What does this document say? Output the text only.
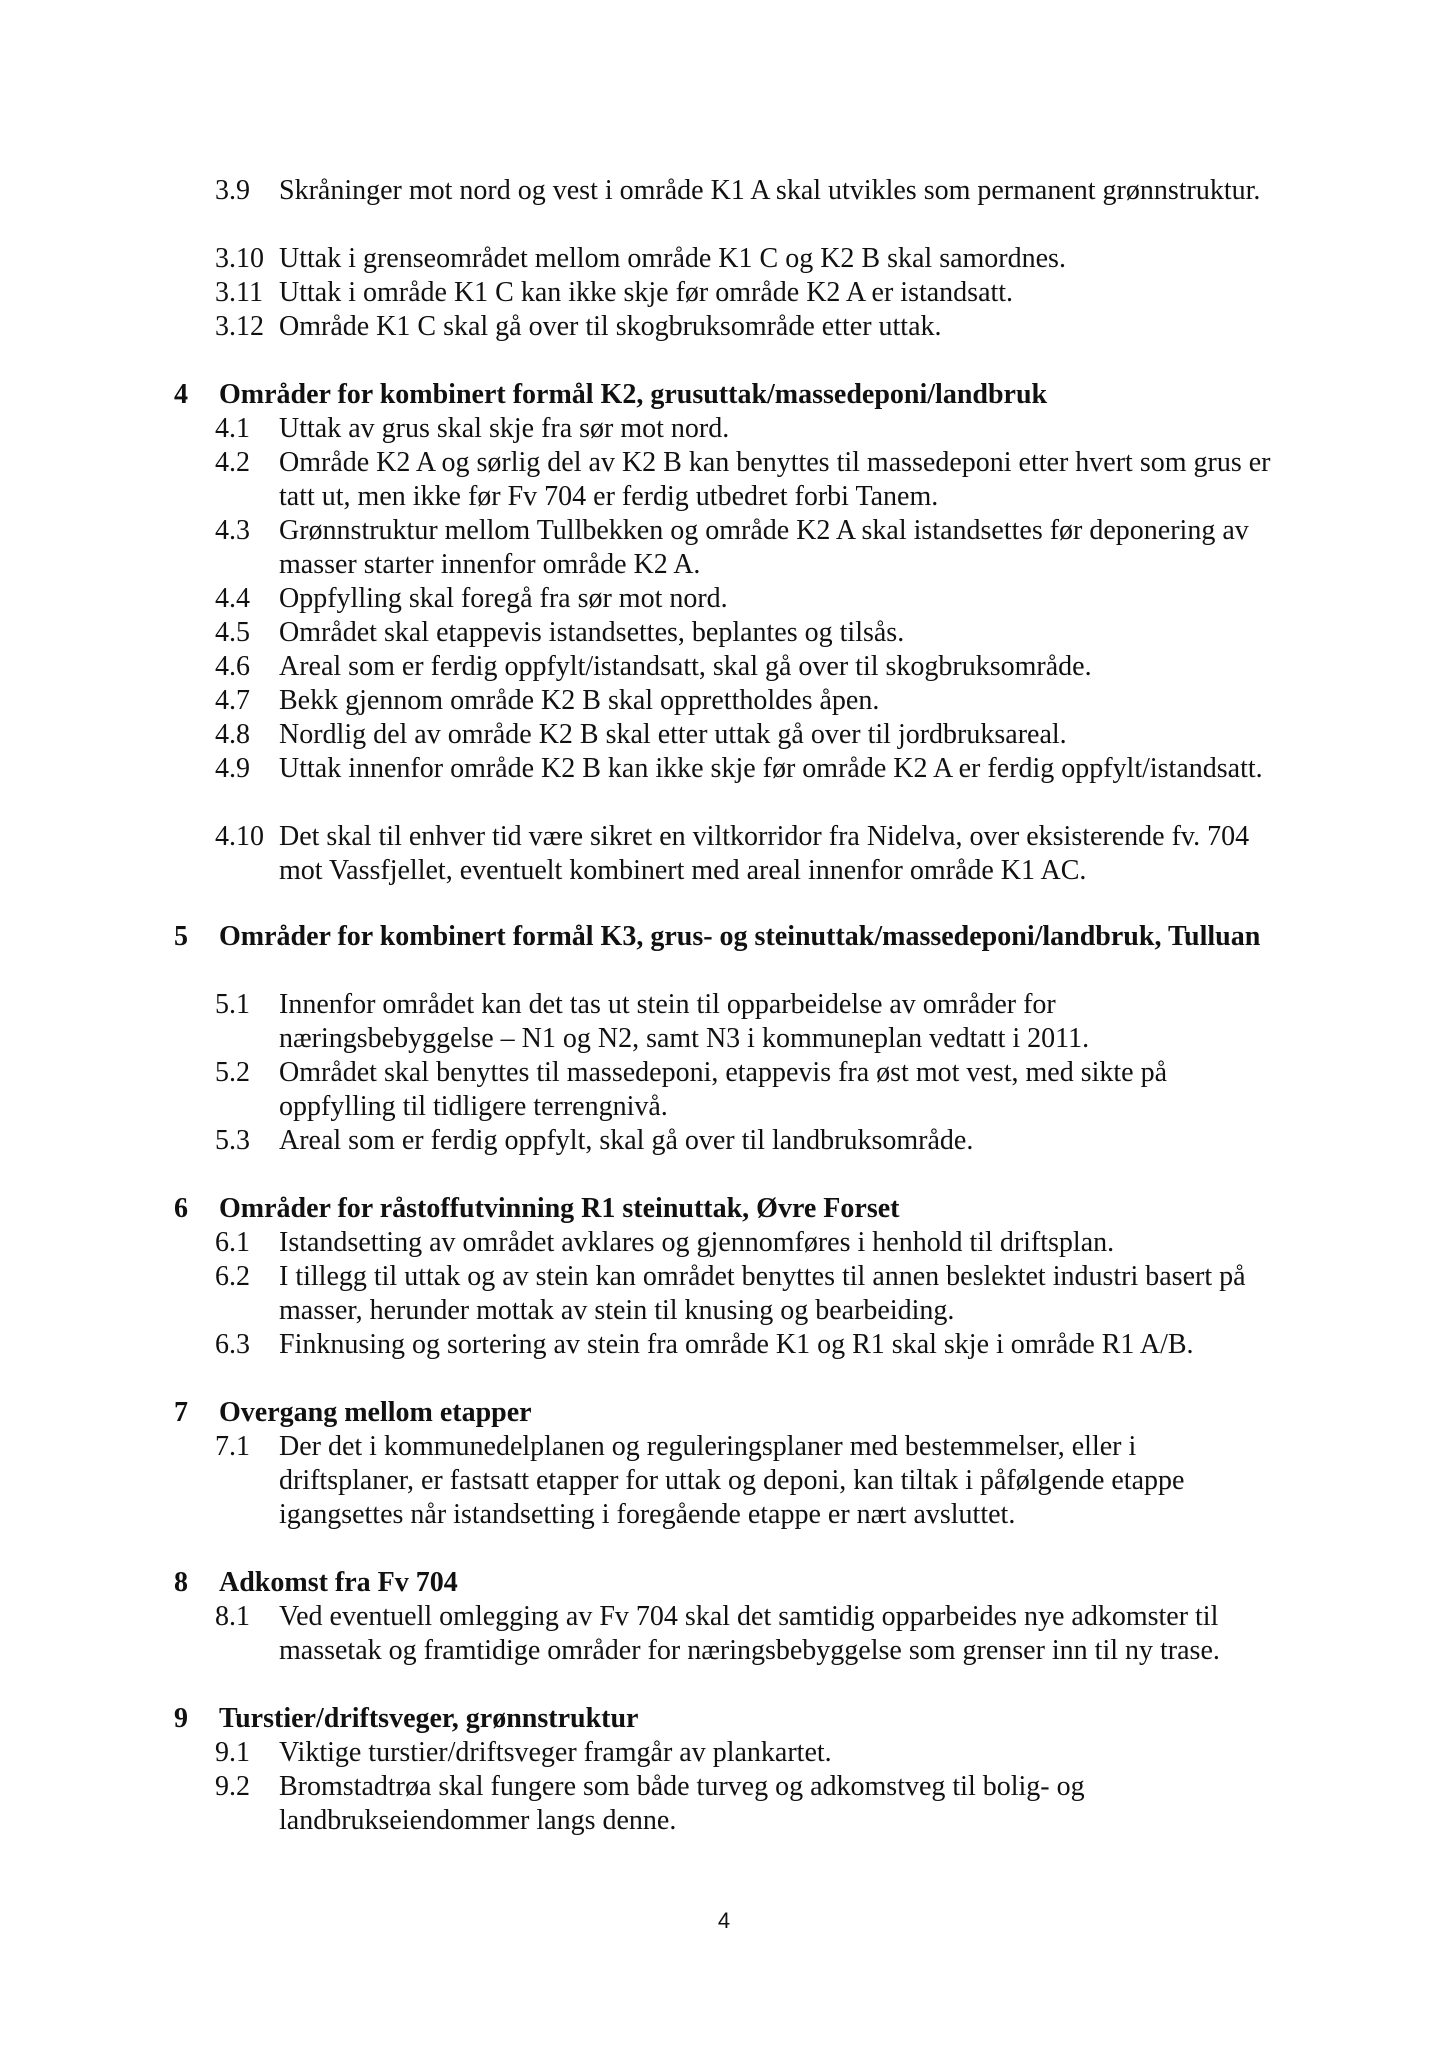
3.9	Skråninger mot nord og vest i område K1 A skal utvikles som permanent grønnstruktur.
3.10 Uttak i grenseområdet mellom område K1 C og K2 B skal samordnes.
3.11 Uttak i område K1 C kan ikke skje før område K2 A er istandsatt.
3.12 Område K1 C skal gå over til skogbruksområde etter uttak.
4	Områder for kombinert formål K2, grusuttak/massedeponi/landbruk
4.1	Uttak av grus skal skje fra sør mot nord.
4.2	Område K2 A og sørlig del av K2 B kan benyttes til massedeponi etter hvert som grus er tatt ut, men ikke før Fv 704 er ferdig utbedret forbi Tanem.
4.3	Grønnstruktur mellom Tullbekken og område K2 A skal istandsettes før deponering av masser starter innenfor område K2 A.
4.4	Oppfylling skal foregå fra sør mot nord.
4.5	Området skal etappevis istandsettes, beplantes og tilsås.
4.6	Areal som er ferdig oppfylt/istandsatt, skal gå over til skogbruksområde.
4.7	Bekk gjennom område K2 B skal opprettholdes åpen.
4.8	Nordlig del av område K2 B skal etter uttak gå over til jordbruksareal.
4.9	Uttak innenfor område K2 B kan ikke skje før område K2 A er ferdig oppfylt/istandsatt.
4.10 Det skal til enhver tid være sikret en viltkorridor fra Nidelva, over eksisterende fv. 704 mot Vassfjellet, eventuelt kombinert med areal innenfor område K1 AC.
5	Områder for kombinert formål K3, grus- og steinuttak/massedeponi/landbruk, Tulluan
5.1	Innenfor området kan det tas ut stein til opparbeidelse av områder for næringsbebyggelse – N1 og N2, samt N3 i kommuneplan vedtatt i 2011.
5.2	Området skal benyttes til massedeponi, etappevis fra øst mot vest, med sikte på oppfylling til tidligere terrengnivå.
5.3	Areal som er ferdig oppfylt, skal gå over til landbruksområde.
6	Områder for råstoffutvinning R1 steinuttak, Øvre Forset
6.1	Istandsetting av området avklares og gjennomføres i henhold til driftsplan.
6.2	I tillegg til uttak og av stein kan området benyttes til annen beslektet industri basert på masser, herunder mottak av stein til knusing og bearbeiding.
6.3	Finknusing og sortering av stein fra område K1 og R1 skal skje i område R1 A/B.
7	Overgang mellom etapper
7.1	Der det i kommunedelplanen og reguleringsplaner med bestemmelser, eller i driftsplaner, er fastsatt etapper for uttak og deponi, kan tiltak i påfølgende etappe igangsettes når istandsetting i foregående etappe er nært avsluttet.
8	Adkomst fra Fv 704
8.1	Ved eventuell omlegging av Fv 704 skal det samtidig opparbeides nye adkomster til massetak og framtidige områder for næringsbebyggelse som grenser inn til ny trase.
9	Turstier/driftsveger, grønnstruktur
9.1	Viktige turstier/driftsveger framgår av plankartet.
9.2	Bromstadtrøa skal fungere som både turveg og adkomstveg til bolig- og landbrukseiendommer langs denne.
4
